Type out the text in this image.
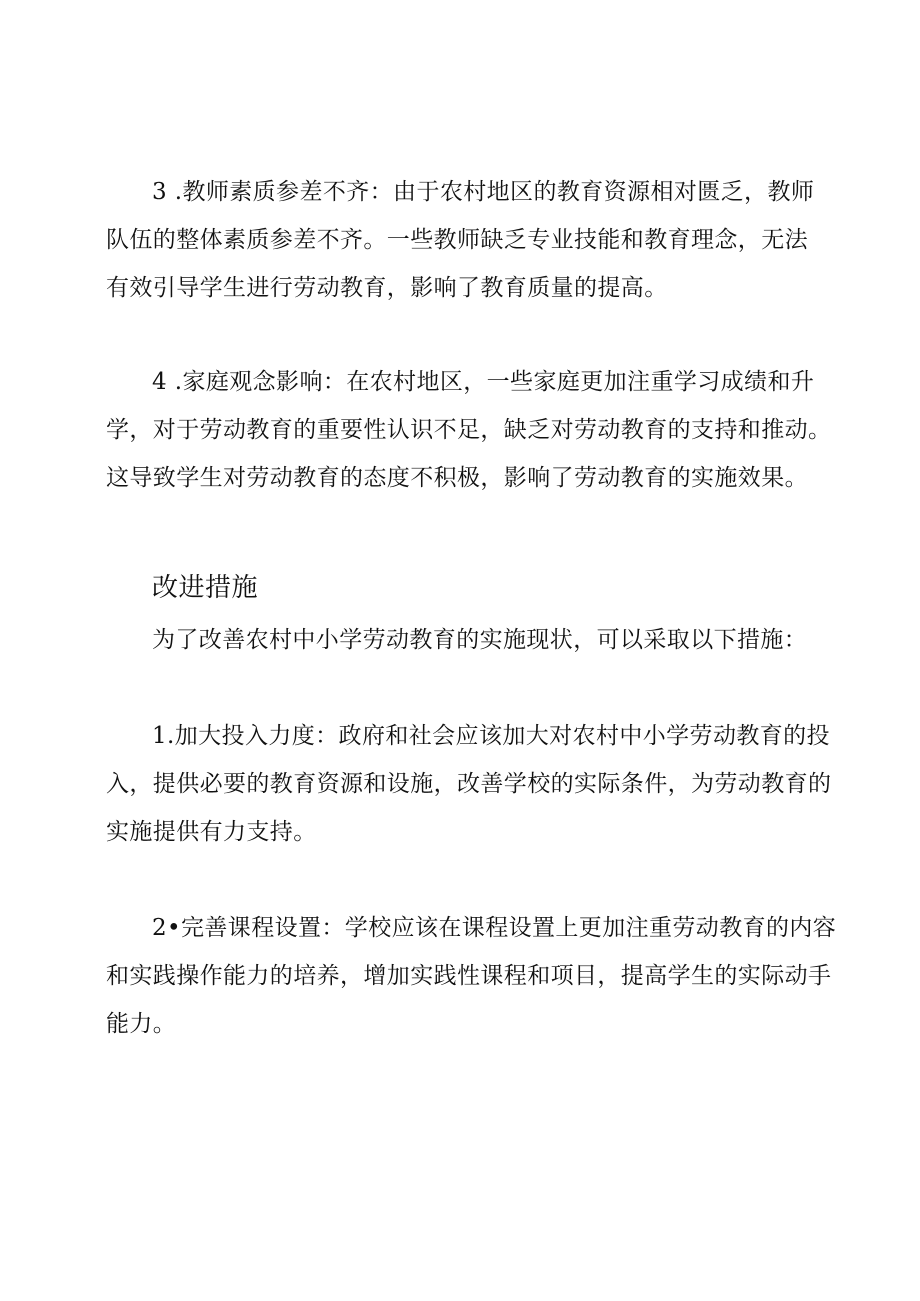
3 .教师素质参差不齐：由于农村地区的教育资源相对匮乏，教师
队伍的整体素质参差不齐。一些教师缺乏专业技能和教育理念，无法
有效引导学生进行劳动教育，影响了教育质量的提高。

4 .家庭观念影响：在农村地区，一些家庭更加注重学习成绩和升
学，对于劳动教育的重要性认识不足，缺乏对劳动教育的支持和推动。
这导致学生对劳动教育的态度不积极，影响了劳动教育的实施效果。

改进措施

为了改善农村中小学劳动教育的实施现状，可以采取以下措施：

1.加大投入力度：政府和社会应该加大对农村中小学劳动教育的投
入，提供必要的教育资源和设施，改善学校的实际条件，为劳动教育的
实施提供有力支持。

2•完善课程设置：学校应该在课程设置上更加注重劳动教育的内容
和实践操作能力的培养，增加实践性课程和项目，提高学生的实际动手
能力。
